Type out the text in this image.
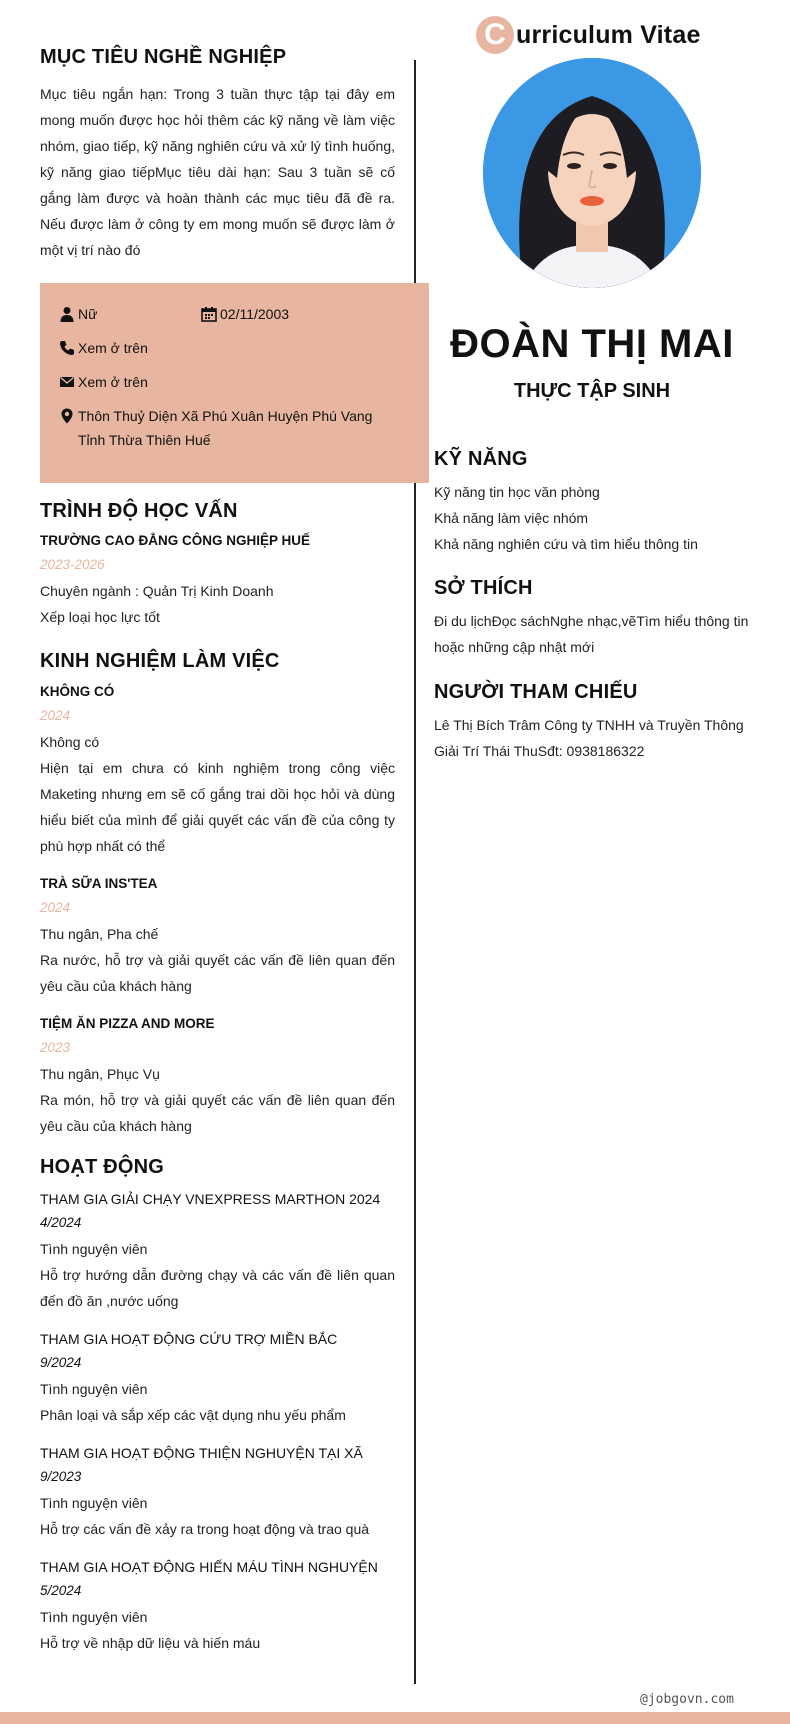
C urriculum Vitae
ĐOÀN THỊ MAI
THỰC TẬP SINH
MỤC TIÊU NGHỀ NGHIỆP

Mục tiêu ngắn hạn: Trong 3 tuần thực tập tại đây em mong muốn được học hỏi thêm các kỹ năng về làm việc nhóm, giao tiếp, kỹ năng nghiên cứu và xử lý tình huống, kỹ năng giao tiếpMục tiêu dài hạn: Sau 3 tuần sẽ cố gắng làm được và hoàn thành các mục tiêu đã đề ra. Nếu được làm ở công ty em mong muốn sẽ được làm ở một vị trí nào đó

Nữ	02/11/2003
Xem ở trên
Xem ở trên
Thôn Thuỷ Diện Xã Phú Xuân Huyện Phú Vang
Tỉnh Thừa Thiên Huế
TRÌNH ĐỘ HỌC VẤN
TRƯỜNG CAO ĐẲNG CÔNG NGHIỆP HUẾ
2023-2026
Chuyên ngành : Quản Trị Kinh Doanh
Xếp loại học lực tốt
KINH NGHIỆM LÀM VIỆC
KHÔNG CÓ
2024
Không có

Hiện tại em chưa có kinh nghiệm trong công việc Maketing nhưng em sẽ cố gắng trai dồi học hỏi và dùng hiểu biết của mình để giải quyết các vấn đề của công ty phù hợp nhất có thể

TRÀ SỮA INS'TEA
2024
Thu ngân, Pha chế

Ra nước, hỗ trợ và giải quyết các vấn đề liên quan đến yêu cầu của khách hàng

TIỆM ĂN PIZZA AND MORE
2023
Thu ngân, Phục Vụ

Ra món, hỗ trợ và giải quyết các vấn đề liên quan đến yêu cầu của khách hàng

HOẠT ĐỘNG
THAM GIA GIẢI CHẠY VNEXPRESS MARTHON 2024
4/2024
Tình nguyện viên

Hỗ trợ hướng dẫn đường chạy và các vấn đề liên quan đến đồ ăn ,nước uống

THAM GIA HOẠT ĐỘNG CỨU TRỢ MIỀN BẮC
9/2024
Tình nguyện viên

Phân loại và sắp xếp các vật dụng nhu yếu phẩm

THAM GIA HOẠT ĐỘNG THIỆN NGHUYỆN TẠI XÃ
9/2023
Tình nguyện viên

Hỗ trợ các vấn đề xảy ra trong hoạt động và trao quà

THAM GIA HOẠT ĐỘNG HIẾN MÁU TÌNH NGHUYỆN
5/2024
Tình nguyện viên

Hỗ trợ về nhập dữ liệu và hiến máu

KỸ NĂNG
Kỹ năng tin học văn phòng
Khả năng làm việc nhóm
Khả năng nghiên cứu và tìm hiểu thông tin
SỞ THÍCH

Đi du lịchĐọc sáchNghe nhạc,vẽTìm hiểu thông tin hoặc những cập nhật mới

NGƯỜI THAM CHIẾU

Lê Thị Bích Trâm Công ty TNHH và Truyền Thông Giải Trí Thái ThuSđt: 0938186322

@jobgovn.com
